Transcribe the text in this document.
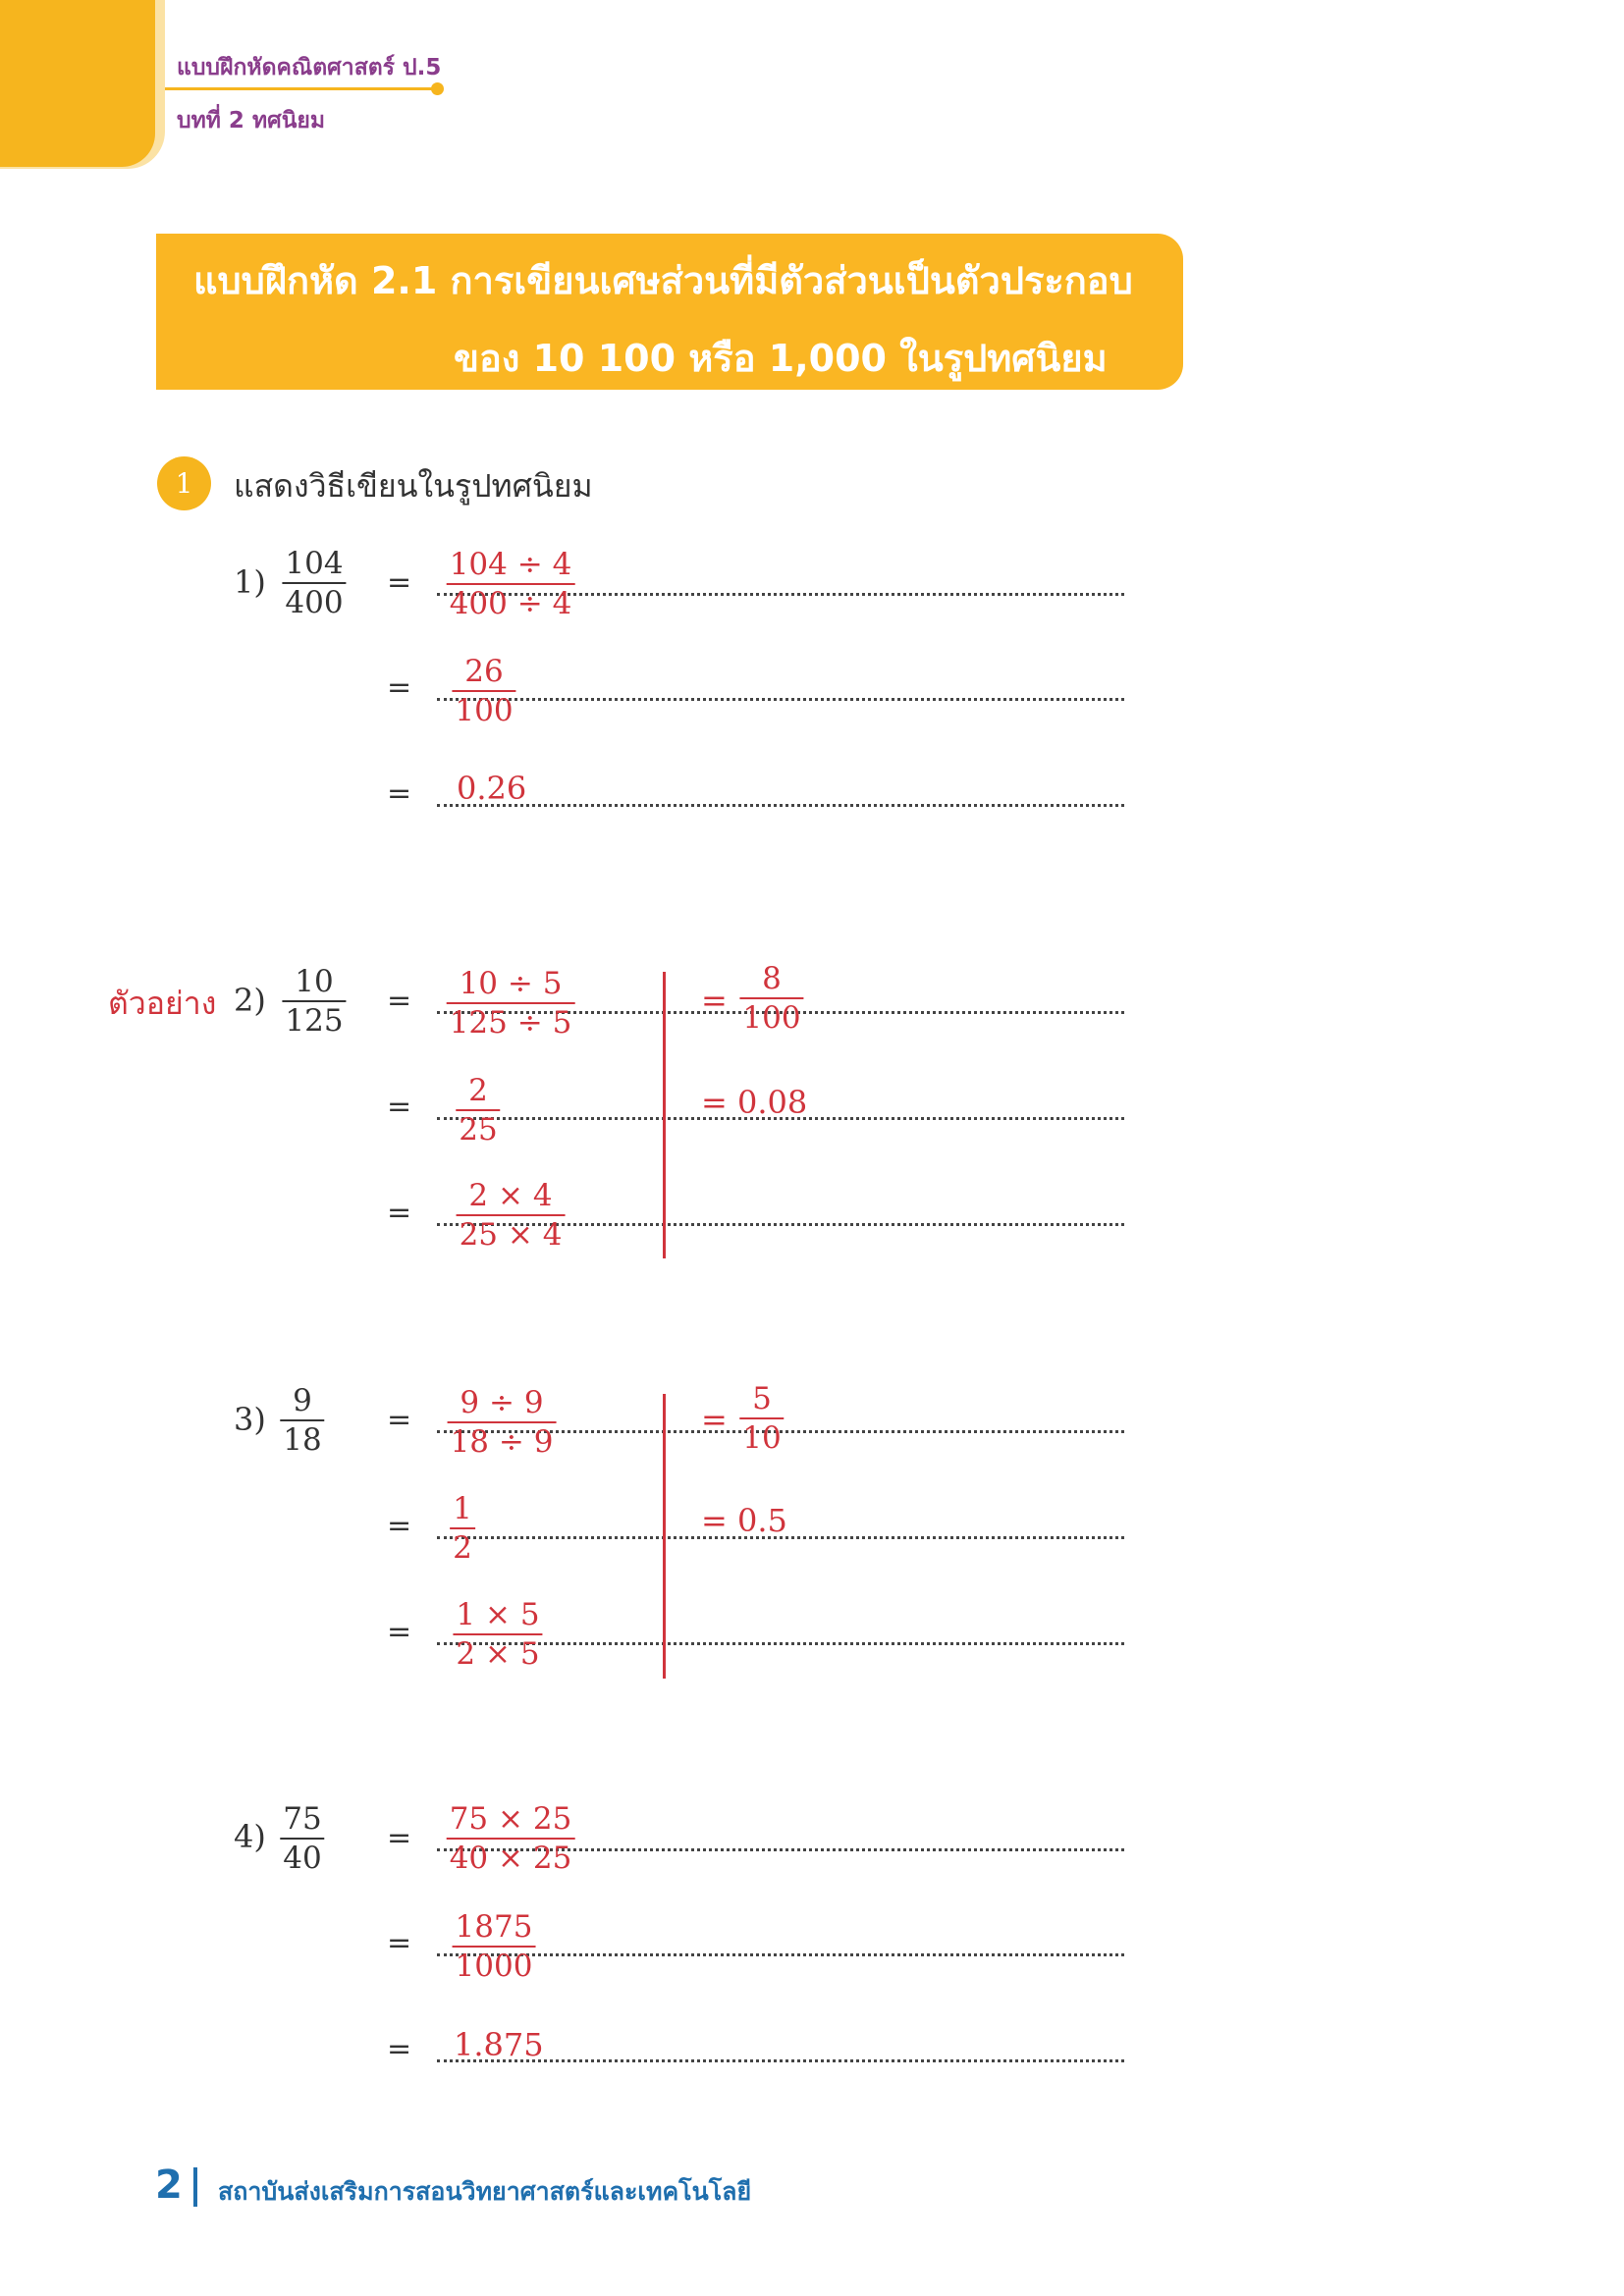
แบบฝึกหัดคณิตศาสตร์ ป.5
บทที่ 2 ทศนิยม
แบบฝึกหัด 2.1 การเขียนเศษส่วนที่มีตัวส่วนเป็นตัวประกอบ
ของ 10 100 หรือ 1,000 ในรูปทศนิยม
1	แสดงวิธีเขียนในรูปทศนิยม
ตัวอย่าง
1)
2)
3)
4)
104
400
10
125
9
18
75
40
=
=
=
=
=
=
=
=
=
=
=
=
104 ÷ 4
400 ÷ 4
26
100
0.26
10 ÷ 5
125 ÷ 5
2
25
2 × 4
25 × 4
=
8
100
= 0.08
9 ÷ 9
18 ÷ 9
1
2
1 × 5
2 × 5
=
5
10
= 0.5
75 × 25
40 × 25
1875
1000
1.875
2 สถาบันส่งเสริมการสอนวิทยาศาสตร์และเทคโนโลยี
